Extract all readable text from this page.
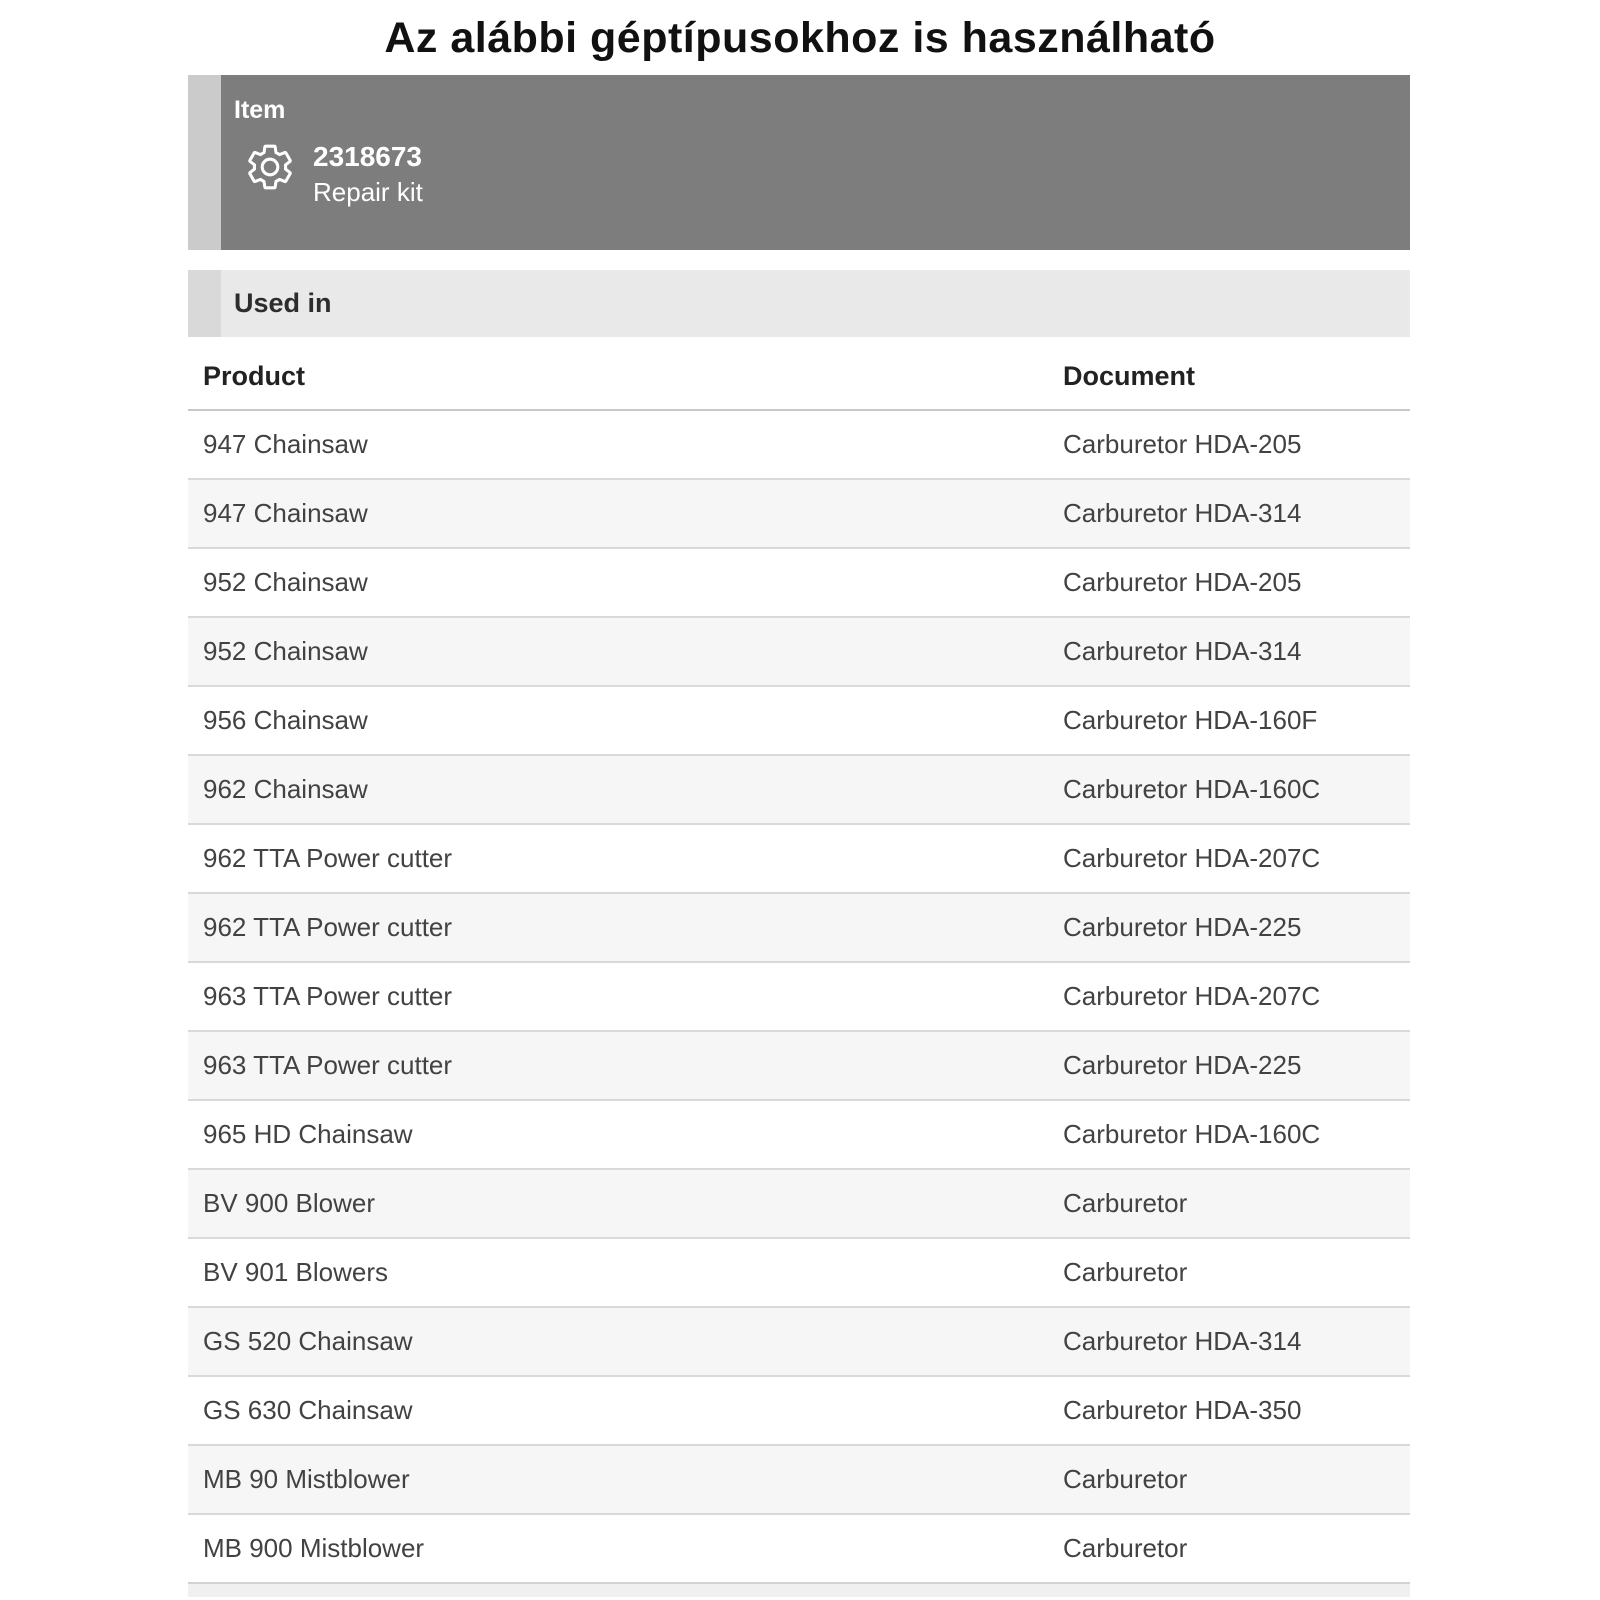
Az alábbi géptípusokhoz is használható
Item
2318673
Repair kit
Used in
Product	Document
947 Chainsaw	Carburetor HDA-205
947 Chainsaw	Carburetor HDA-314
952 Chainsaw	Carburetor HDA-205
952 Chainsaw	Carburetor HDA-314
956 Chainsaw	Carburetor HDA-160F
962 Chainsaw	Carburetor HDA-160C
962 TTA Power cutter	Carburetor HDA-207C
962 TTA Power cutter	Carburetor HDA-225
963 TTA Power cutter	Carburetor HDA-207C
963 TTA Power cutter	Carburetor HDA-225
965 HD Chainsaw	Carburetor HDA-160C
BV 900 Blower	Carburetor
BV 901 Blowers	Carburetor
GS 520 Chainsaw	Carburetor HDA-314
GS 630 Chainsaw	Carburetor HDA-350
MB 90 Mistblower	Carburetor
MB 900 Mistblower	Carburetor
